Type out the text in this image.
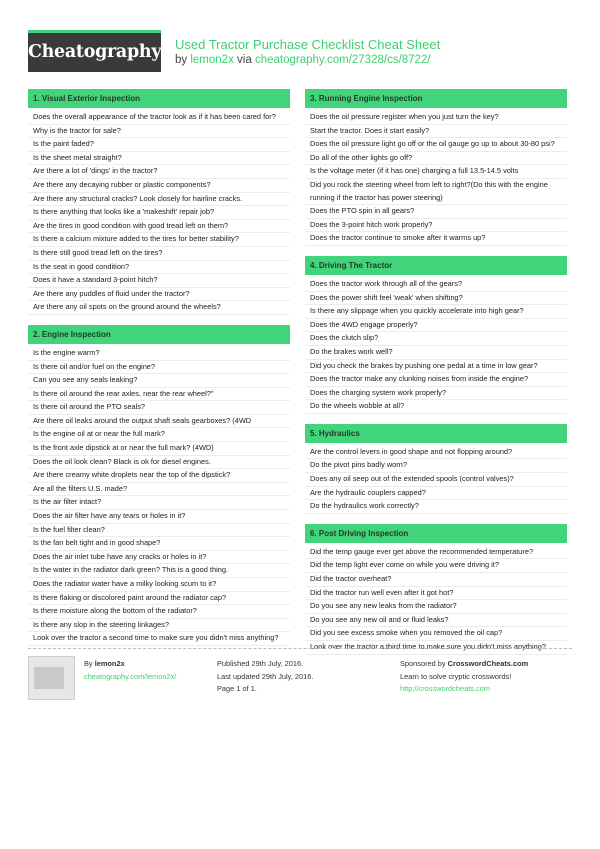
Cheatography Used Tractor Purchase Checklist Cheat Sheet
by lemon2x via cheatography.com/27328/cs/8722/
1. Visual Exterior Inspection
Does the overall appearance of the tractor look as if it has been cared for?
Why is the tractor for sale?
Is the paint faded?
Is the sheet metal straight?
Are there a lot of 'dings' in the tractor?
Are there any decaying rubber or plastic components?
Are there any structural cracks? Look closely for hairline cracks.
Is there anything that looks like a 'makeshift' repair job?
Are the tires in good condition with good tread left on them?
Is there a calcium mixture added to the tires for better stability?
Is there still good tread left on the tires?
Is the seat in good condition?
Does it have a standard 3-point hitch?
Are there any puddles of fluid under the tractor?
Are there any oil spots on the ground around the wheels?
2. Engine Inspection
Is the engine warm?
Is there oil and/or fuel on the engine?
Can you see any seals leaking?
Is there oil around the rear axles, near the rear wheel?"
Is there oil around the PTO seals?
Are there oil leaks around the output shaft seals gearboxes? (4WD
Is the engine oil at or near the full mark?
Is the front axle dipstick at or near the full mark? (4WD)
Does the oil look clean? Black is ok for diesel engines.
Are there creamy white droplets near the top of the dipstick?
Are all the filters U.S. made?
Is the air filter intact?
Does the air filter have any tears or holes in it?
Is the fuel filter clean?
Is the fan belt tight and in good shape?
Does the air inlet tube have any cracks or holes in it?
Is the water in the radiator dark green? This is a good thing.
Does the radiator water have a milky looking scum to it?
Is there flaking or discolored paint around the radiator cap?
Is there moisture along the bottom of the radiator?
Is there any slop in the steering linkages?
Look over the tractor a second time to make sure you didn't miss anything?
3. Running Engine Inspection
Does the oil pressure register when you just turn the key?
Start the tractor. Does it start easily?
Does the oil pressure light go off or the oil gauge go up to about 30-80 psi?
Do all of the other lights go off?
Is the voltage meter (if it has one) charging a full 13.5-14.5 volts
Did you rock the steering wheel from left to right?(Do this with the engine running if the tractor has power steering)
Does the PTO spin in all gears?
Does the 3-point hitch work properly?
Does the tractor continue to smoke after it warms up?
4. Driving The Tractor
Does the tractor work through all of the gears?
Does the power shift feel 'weak' when shifting?
Is there any slippage when you quickly accelerate into high gear?
Does the 4WD engage properly?
Does the clutch slip?
Do the brakes work well?
Did you check the brakes by pushing one pedal at a time in low gear?
Does the tractor make any clunking noises from inside the engine?
Does the charging system work properly?
Do the wheels wobble at all?
5. Hydraulics
Are the control levers in good shape and not flopping around?
Do the pivot pins badly worn?
Does any oil seep out of the extended spools (control valves)?
Are the hydraulic couplers capped?
Do the hydraulics work correctly?
6. Post Driving Inspection
Did the temp gauge ever get above the recommended temperature?
Did the temp light ever come on while you were driving it?
Did the tractor overheat?
Did the tractor run well even after it got hot?
Do you see any new leaks from the radiator?
Do you see any new oil and or fluid leaks?
Did you see excess smoke when you removed the oil cap?
Look over the tractor a third time to make sure you didn't miss anything?
By lemon2x
cheatography.com/lemon2x/
Published 29th July, 2016.
Last updated 29th July, 2016.
Page 1 of 1.
Sponsored by CrosswordCheats.com
Learn to solve cryptic crosswords!
http://crosswordcheats.com
